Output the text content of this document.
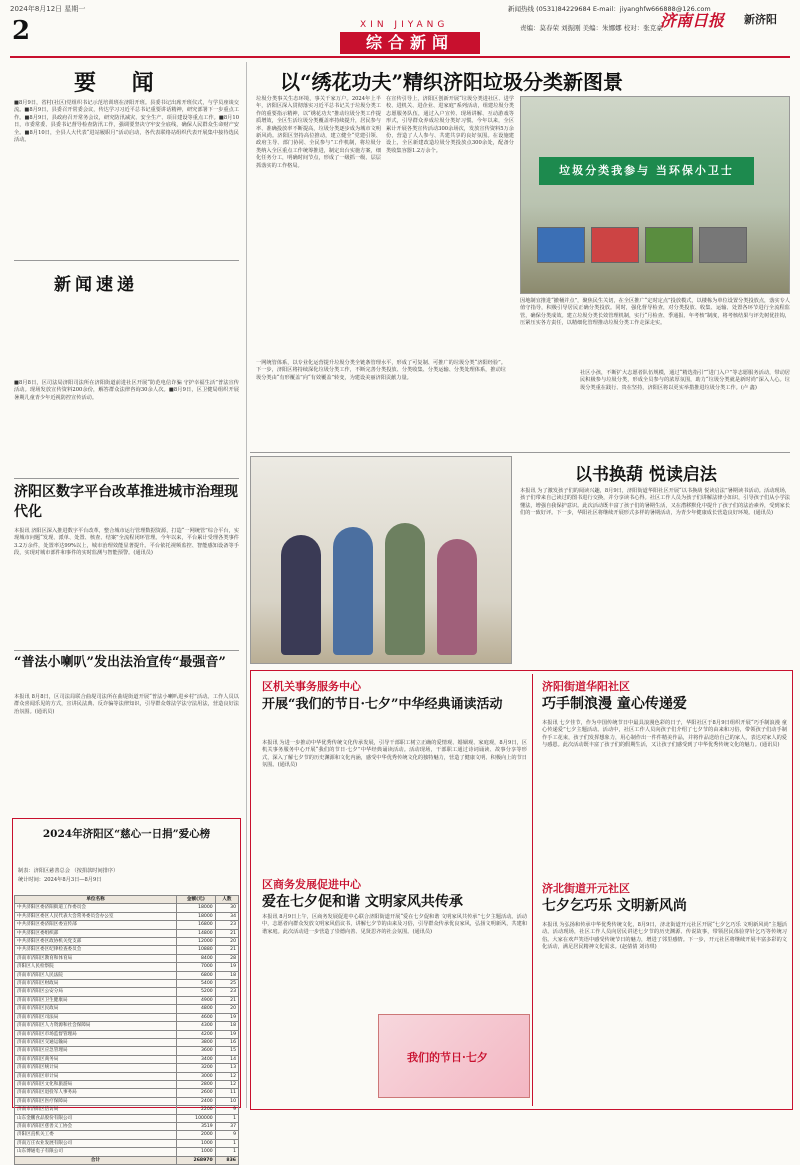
2024年8月12日 星期一
2	XIN JIYANG
综合新闻
新闻热线 (0531)84229684 E-mail：jiyanghfw666888@126.com
责编：莫春荣 刘振刚 美编：朱娜娜 校对：张克豪
济南日报 新济阳
要 闻
■8月9日，省村(社区)党组织书记示范培训班在济阳开班。县委书记出席开班仪式，与学员座谈交流。■8月9日，县委召开常委会议，传达学习习近平总书记重要讲话精神，研究部署下一步重点工作。■8月9日，县政府召开常务会议，研究防汛减灾、安全生产、项目建设等重点工作。■8月10日，市委常委、县委书记督导检查防汛工作，强调要坚决守牢安全底线，确保人民群众生命财产安全。■8月10日，全县人大代表“进站履职月”活动启动，各代表联络站组织代表开展集中接待选民活动。
新闻速递
■8月8日，区司法局济阳司法所在济阳街道前进社区开展“防范电信诈骗 守护幸福生活”普法宣传活动。现场发放宣传资料200余份，解答群众法律咨询30余人次。■8月9日，区卫健局组织开展暑期儿童青少年近视防控宣传活动。
济阳区数字平台改革推进城市治理现代化
本报讯 济阳区深入推进数字平台改革，整合城市运行管理数据资源，打造“一网统管”综合平台，实现城市问题“发现、派单、处置、核查、结案”全流程闭环管理。今年以来，平台累计受理各类事件3.2万余件，处置率达99%以上，城市治理效能显著提升。平台依托视频监控、智能感知设备等手段，实现对城市部件和事件的实时监测与智能预警。(通讯员)
“普法小喇叭”发出法治宣传“最强音”
本报讯 8月8日，区司法局联合曲堤司法所在曲堤街道开展“普法小喇叭进乡村”活动。工作人员以群众喜闻乐见的方式，宣讲民法典、反诈骗等法律知识，引导群众尊法学法守法用法，营造良好法治氛围。(通讯员)
2024年济阳区“慈心一日捐”爱心榜
制表：济阳区慈善总会 （按捐款时间排序）
统计时间：2024年8月3日—8月9日
单位名称	金额(元)	人数
中共济阳区委济阳街道工作委员会	18000	30
中共济阳区委区人民代表大会常务委员会办公室	18000	34
中共济阳区委济阳区委宣传部	16800	23
中共济阳区委组织部	14800	21
中共济阳区委区政协机关党支部	12000	20
中共济阳区委区纪律检查委员会	10880	21
济南市济阳区教育和体育局	8400	28
济阳区人民检察院	7000	19
济南市济阳区人民法院	6800	18
济南市济阳区财政局	5400	25
济南市济阳区公安分局	5200	23
济南市济阳区卫生健康局	4900	21
济南市济阳区民政局	4800	20
济南市济阳区司法局	4600	19
济南市济阳区人力资源和社会保障局	4300	18
济南市济阳区市场监督管理局	4200	19
济南市济阳区交通运输局	3800	16
济南市济阳区应急管理局	3600	15
济南市济阳区商务局	3400	14
济南市济阳区统计局	3200	13
济南市济阳区审计局	3000	12
济南市济阳区文化和旅游局	2800	12
济南市济阳区退役军人事务局	2600	11
济南市济阳区医疗保障局	2400	10
济南市济阳区信访局	2200	9
山东金鹏食品股份有限公司	100000	1
济南市济阳区慈善义工协会	3519	37
济阳区直机关工委	2000	9
济南万庄农业发展有限公司	1000	1
山东博通电子有限公司	1000	1
合计	268970	836
以“绣花功夫”精织济阳垃圾分类新图景
垃圾分类事关生态环境，事关千家万户。2024年上半年，济阳区深入贯彻落实习近平总书记关于垃圾分类工作的重要指示精神，以“绣花功夫”推动垃圾分类工作提质增效，全区生活垃圾分类覆盖率持续提升，居民参与率、准确投放率不断提高，垃圾分类逐步成为城市文明新风尚。济阳区坚持高位推动，建立健全“党建引领、政府主导、部门协同、全民参与”工作机制，将垃圾分类纳入全区重点工作统筹推进，制定出台实施方案，细化任务分工，明确时间节点，形成了一级抓一级、层层抓落实的工作格局。
在宣传引导上，济阳区创新开展“垃圾分类进社区、进学校、进机关、进企业、进家庭”系列活动，组建垃圾分类志愿服务队伍，通过入户宣传、现场讲解、互动游戏等形式，引导群众养成垃圾分类好习惯。今年以来，全区累计开展各类宣传活动300余场次，发放宣传资料5万余份，营造了人人参与、共建共享的良好氛围。在设施建设上，全区新建改造垃圾分类投放点300余处，配备分类收集容器1.2万余个。
垃圾分类我参与 当环保小卫士
因地制宜推进“撤桶并点”，聚焦民生关切，在全区推广“定时定点”投放模式，以楼栋为单位设置分类投放点，落实专人值守指导，积极引导居民正确分类投放。同时，强化督导检查，对分类投放、收集、运输、处置各环节进行全流程监管，确保分类成效。建立垃圾分类长效管理机制，实行“月检查、季通报、年考核”制度，将考核结果与评先树优挂钩，压紧压实各方责任，以精细化管理推动垃圾分类工作走深走实。
一网统管体系，以专业化运营提升垃圾分类全链条管理水平，形成了可复制、可推广的垃圾分类“济阳经验”。下一步，济阳区将持续深化垃圾分类工作，不断完善分类投放、分类收集、分类运输、分类处理体系，推动垃圾分类由“有形覆盖”向“有效覆盖”转变，为建设美丽济阳贡献力量。
社区小孩，不断扩大志愿者队伍规模，通过“精选指引”“进门入户”等志愿服务活动，带动居民积极参与垃圾分类，形成全员参与的浓厚氛围，助力“垃圾分类就是新时尚”深入人心。垃圾分类重在践行、贵在坚持，济阳区将以更实举措推进垃圾分类工作。(卢 鑫)
以书换葫 悦读启法
本报讯 为了激发孩子们的阅读兴趣，8月9日，济阳街道华阳社区开展“以书换葫 悦读启法”暑期读书活动。活动现场，孩子们带来自己读过的图书进行交换，并分享读书心得。社区工作人员为孩子们讲解法律小知识，引导孩子们从小学法懂法，增强自我保护意识。此次活动既丰富了孩子们的暑期生活，又在潜移默化中提升了孩子们的法治素养，受到家长们的一致好评。下一步，华阳社区将继续开展形式多样的暑期活动，为青少年健康成长营造良好环境。(通讯员)
区机关事务服务中心
开展“我们的节日·七夕”中华经典诵读活动
本报讯 为进一步推动中华优秀传统文化传承发展，引导干部职工树立正确的爱情观、婚姻观、家庭观，8月9日，区机关事务服务中心开展“我们的节日·七夕”中华经典诵读活动。活动现场，干部职工通过诗词诵读、故事分享等形式，深入了解七夕节的历史渊源和文化内涵，感受中华优秀传统文化的独特魅力，营造了健康文明、积极向上的节日氛围。(通讯员)
区商务发展促进中心
爱在七夕促和谐 文明家风共传承
本报讯 8月9日上午，区商务发展促进中心联合济阳街道开展“爱在七夕促和谐 文明家风共传承”七夕主题活动。活动中，志愿者向群众发放文明家风倡议书，讲解七夕节的由来及习俗，引导群众传承优良家风，弘扬文明新风，共建和谐家庭。此次活动进一步营造了崇德向善、见贤思齐的社会氛围。(通讯员)
我们的节日·七夕
济阳街道华阳社区
巧手制浪漫 童心传递爱
本报讯 七夕佳节，作为中国传统节日中最具浪漫色彩的日子，华阳社区于8月9日组织开展“巧手制浪漫 童心传递爱”七夕主题活动。活动中，社区工作人员向孩子们介绍了七夕节的由来和习俗，带领孩子们动手制作手工花束，孩子们发挥想象力，用心制作出一件件精美作品，并将作品送给自己的家人，表达对家人的爱与感恩。此次活动既丰富了孩子们的假期生活，又让孩子们感受到了中华优秀传统文化的魅力。(通讯员)
济北街道开元社区
七夕乞巧乐 文明新风尚
本报讯 为弘扬和传承中华优秀传统文化，8月9日，济北街道开元社区开展“七夕乞巧乐 文明新风尚”主题活动。活动现场，社区工作人员向居民讲述七夕节的历史渊源、传说故事，带领居民体验穿针乞巧等传统习俗。大家在欢声笑语中感受传统节日的魅力，增进了邻里感情。下一步，开元社区将继续开展丰富多彩的文化活动，满足居民精神文化需求。(赵倩倩 刘诗琪)
